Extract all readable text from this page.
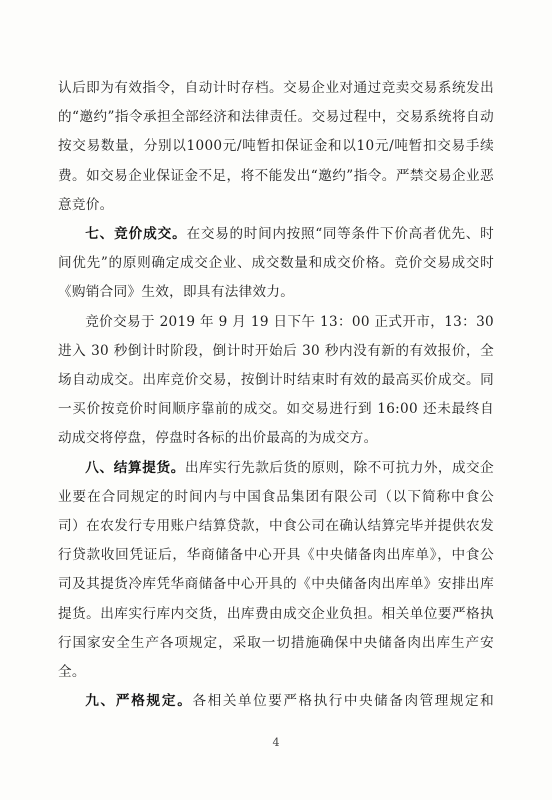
认后即为有效指令，自动计时存档。交易企业对通过竞卖交易系统发出的“邀约”指令承担全部经济和法律责任。交易过程中，交易系统将自动按交易数量，分别以1000元/吨暂扣保证金和以10元/吨暂扣交易手续费。如交易企业保证金不足，将不能发出“邀约”指令。严禁交易企业恶意竞价。

七、竞价成交。在交易的时间内按照“同等条件下价高者优先、时间优先”的原则确定成交企业、成交数量和成交价格。竞价交易成交时《购销合同》生效，即具有法律效力。

竞价交易于 2019 年 9 月 19 日下午 13：00 正式开市，13：30 进入 30 秒倒计时阶段，倒计时开始后 30 秒内没有新的有效报价，全场自动成交。出库竞价交易，按倒计时结束时有效的最高买价成交。同一买价按竞价时间顺序靠前的成交。如交易进行到 16:00 还未最终自动成交将停盘，停盘时各标的出价最高的为成交方。

八、结算提货。出库实行先款后货的原则，除不可抗力外，成交企业要在合同规定的时间内与中国食品集团有限公司（以下简称中食公司）在农发行专用账户结算贷款，中食公司在确认结算完毕并提供农发行贷款收回凭证后，华商储备中心开具《中央储备肉出库单》，中食公司及其提货冷库凭华商储备中心开具的《中央储备肉出库单》安排出库提货。出库实行库内交货，出库费由成交企业负担。相关单位要严格执行国家安全生产各项规定，采取一切措施确保中央储备肉出库生产安全。

九、严格规定。各相关单位要严格执行中央储备肉管理规定和

4
